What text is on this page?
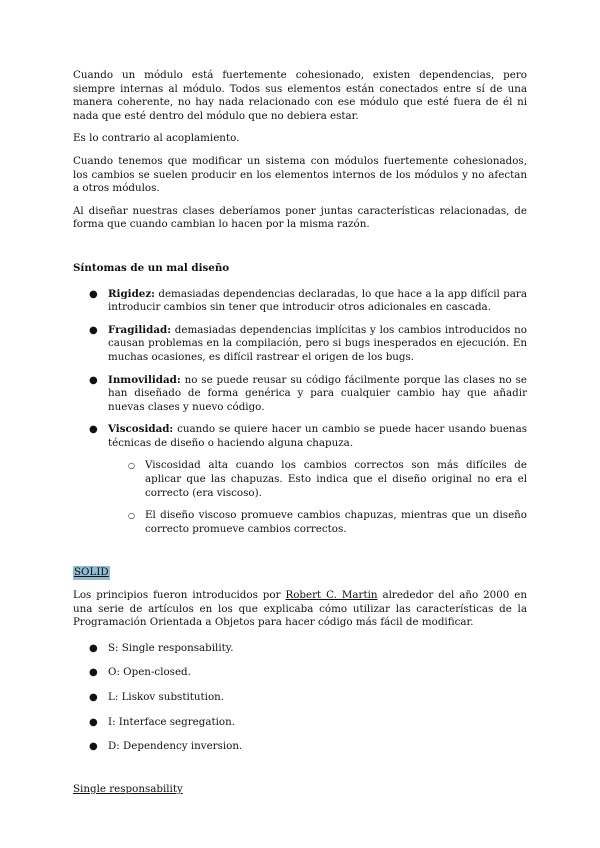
Cuando un módulo está fuertemente cohesionado, existen dependencias, pero siempre internas al módulo. Todos sus elementos están conectados entre sí de una manera coherente, no hay nada relacionado con ese módulo que esté fuera de él ni nada que esté dentro del módulo que no debiera estar.

Es lo contrario al acoplamiento.

Cuando tenemos que modificar un sistema con módulos fuertemente cohesionados, los cambios se suelen producir en los elementos internos de los módulos y no afectan a otros módulos.

Al diseñar nuestras clases deberíamos poner juntas características relacionadas, de forma que cuando cambian lo hacen por la misma razón.

Síntomas de un mal diseño

● Rigidez: demasiadas dependencias declaradas, lo que hace a la app difícil para introducir cambios sin tener que introducir otros adicionales en cascada.
● Fragilidad: demasiadas dependencias implícitas y los cambios introducidos no causan problemas en la compilación, pero si bugs inesperados en ejecución. En muchas ocasiones, es difícil rastrear el origen de los bugs.
● Inmovilidad: no se puede reusar su código fácilmente porque las clases no se han diseñado de forma genérica y para cualquier cambio hay que añadir nuevas clases y nuevo código.
● Viscosidad: cuando se quiere hacer un cambio se puede hacer usando buenas técnicas de diseño o haciendo alguna chapuza.
○ Viscosidad alta cuando los cambios correctos son más difíciles de aplicar que las chapuzas. Esto indica que el diseño original no era el correcto (era viscoso).
○ El diseño viscoso promueve cambios chapuzas, mientras que un diseño correcto promueve cambios correctos.

SOLID

Los principios fueron introducidos por Robert C. Martin alrededor del año 2000 en una serie de artículos en los que explicaba cómo utilizar las características de la Programación Orientada a Objetos para hacer código más fácil de modificar.

● S: Single responsability.
● O: Open-closed.
● L: Liskov substitution.
● I: Interface segregation.
● D: Dependency inversion.

Single responsability
